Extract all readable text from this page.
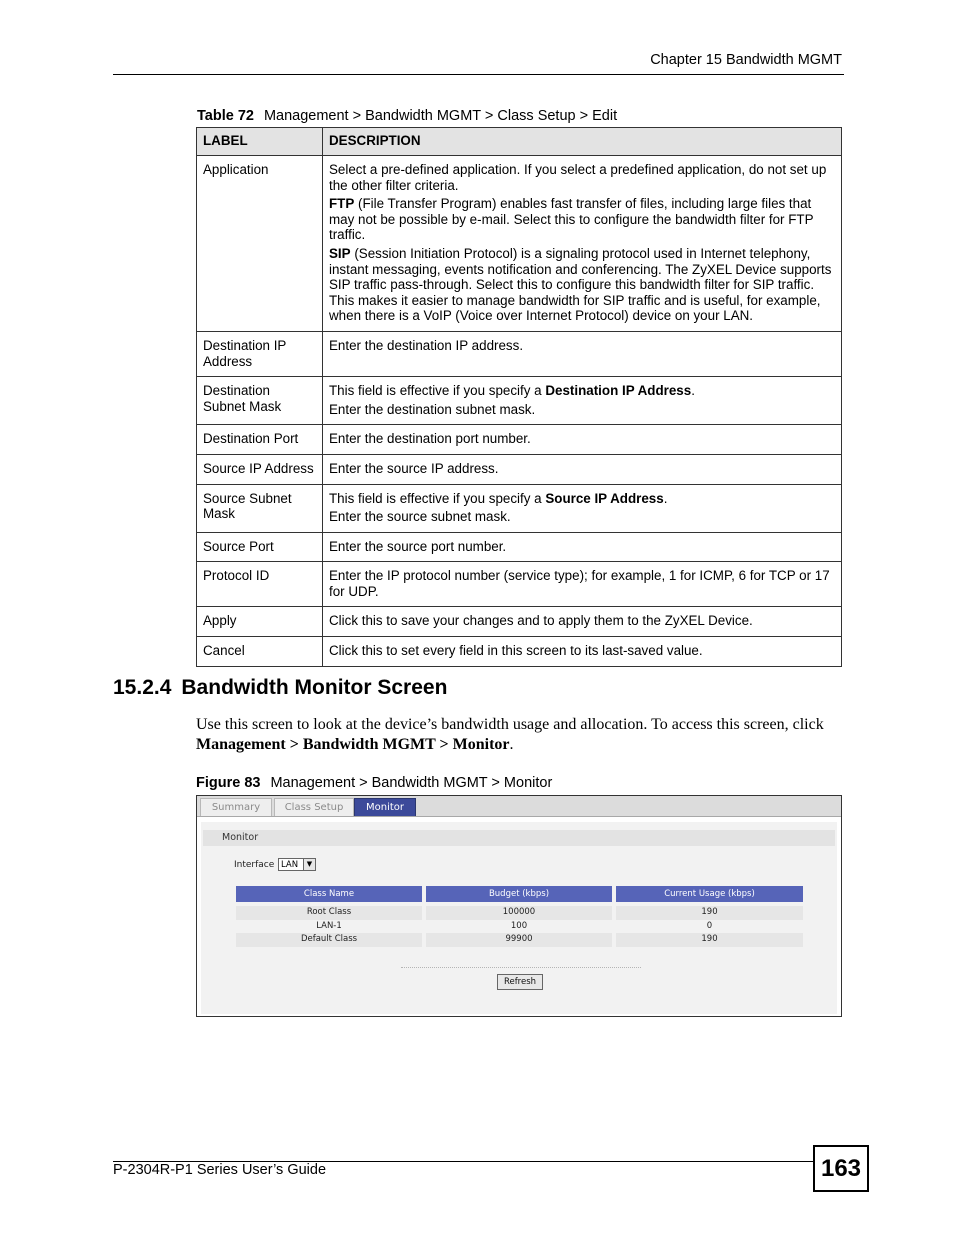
Chapter 15 Bandwidth MGMT
Table 72 Management > Bandwidth MGMT > Class Setup > Edit
LABEL	DESCRIPTION
Application	Select a pre-defined application. If you select a predefined application, do not set up the other filter criteria.

FTP (File Transfer Program) enables fast transfer of files, including large files that may not be possible by e-mail. Select this to configure the bandwidth filter for FTP traffic.

SIP (Session Initiation Protocol) is a signaling protocol used in Internet telephony, instant messaging, events notification and conferencing. The ZyXEL Device supports SIP traffic pass-through. Select this to configure this bandwidth filter for SIP traffic. This makes it easier to manage bandwidth for SIP traffic and is useful, for example, when there is a VoIP (Voice over Internet Protocol) device on your LAN.

Destination IP Address	Enter the destination IP address.
Destination Subnet Mask	This field is effective if you specify a Destination IP Address.

Enter the destination subnet mask.

Destination Port	Enter the destination port number.
Source IP Address	Enter the source IP address.
Source Subnet Mask	This field is effective if you specify a Source IP Address.

Enter the source subnet mask.

Source Port	Enter the source port number.
Protocol ID	Enter the IP protocol number (service type); for example, 1 for ICMP, 6 for TCP or 17 for UDP.
Apply	Click this to save your changes and to apply them to the ZyXEL Device.
Cancel	Click this to set every field in this screen to its last-saved value.
15.2.4 Bandwidth Monitor Screen
Use this screen to look at the device’s bandwidth usage and allocation. To access this screen, click Management > Bandwidth MGMT > Monitor.
Figure 83 Management > Bandwidth MGMT > Monitor
Summary	Class Setup	Monitor
Monitor
Interface LAN	▼
Class Name	Budget (kbps)	Current Usage (kbps)
Root Class	100000	190
LAN-1	100	0
Default Class	99900	190
Refresh
P-2304R-P1 Series User’s Guide	163
